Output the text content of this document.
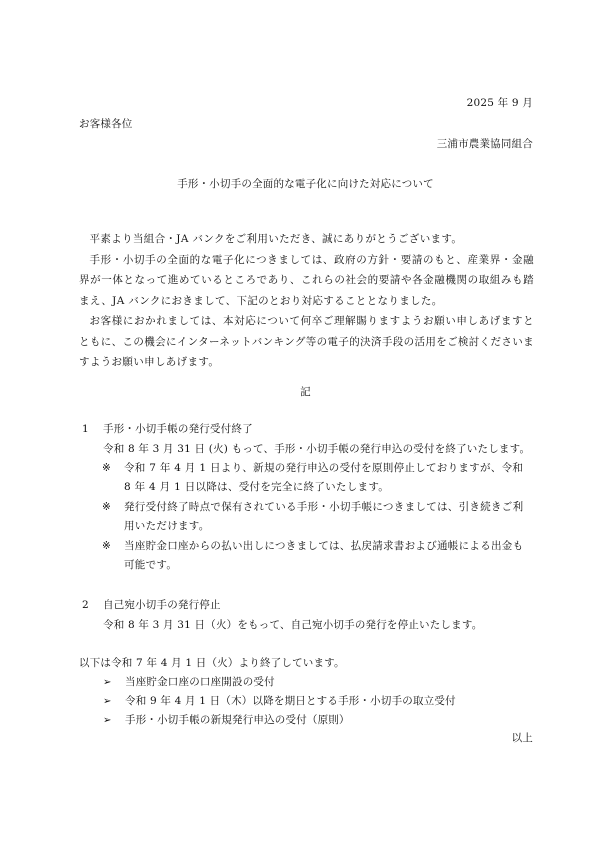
2025 年 9 月
お客様各位
三浦市農業協同組合
手形・小切手の全面的な電子化に向けた対応について

平素より当組合・JA バンクをご利用いただき、誠にありがとうございます。

手形・小切手の全面的な電子化につきましては、政府の方針・要請のもと、産業界・金融界が一体となって進めているところであり、これらの社会的要請や各金融機関の取組みも踏まえ、JA バンクにおきまして、下記のとおり対応することとなりました。

お客様におかれましては、本対応について何卒ご理解賜りますようお願い申しあげますとともに、この機会にインターネットバンキング等の電子的決済手段の活用をご検討くださいますようお願い申しあげます。

記
1 手形・小切手帳の発行受付終了
令和 8 年 3 月 31 日 (火) もって、手形・小切手帳の発行申込の受付を終了いたします。
※ 令和 7 年 4 月 1 日より、新規の発行申込の受付を原則停止しておりますが、令和 8 年 4 月 1 日以降は、受付を完全に終了いたします。
※ 発行受付終了時点で保有されている手形・小切手帳につきましては、引き続きご利用いただけます。
※ 当座貯金口座からの払い出しにつきましては、払戻請求書および通帳による出金も可能です。
2 自己宛小切手の発行停止
令和 8 年 3 月 31 日（火）をもって、自己宛小切手の発行を停止いたします。
以下は令和 7 年 4 月 1 日（火）より終了しています。
➢ 当座貯金口座の口座開設の受付
➢ 令和 9 年 4 月 1 日（木）以降を期日とする手形・小切手の取立受付
➢ 手形・小切手帳の新規発行申込の受付（原則）
以上
